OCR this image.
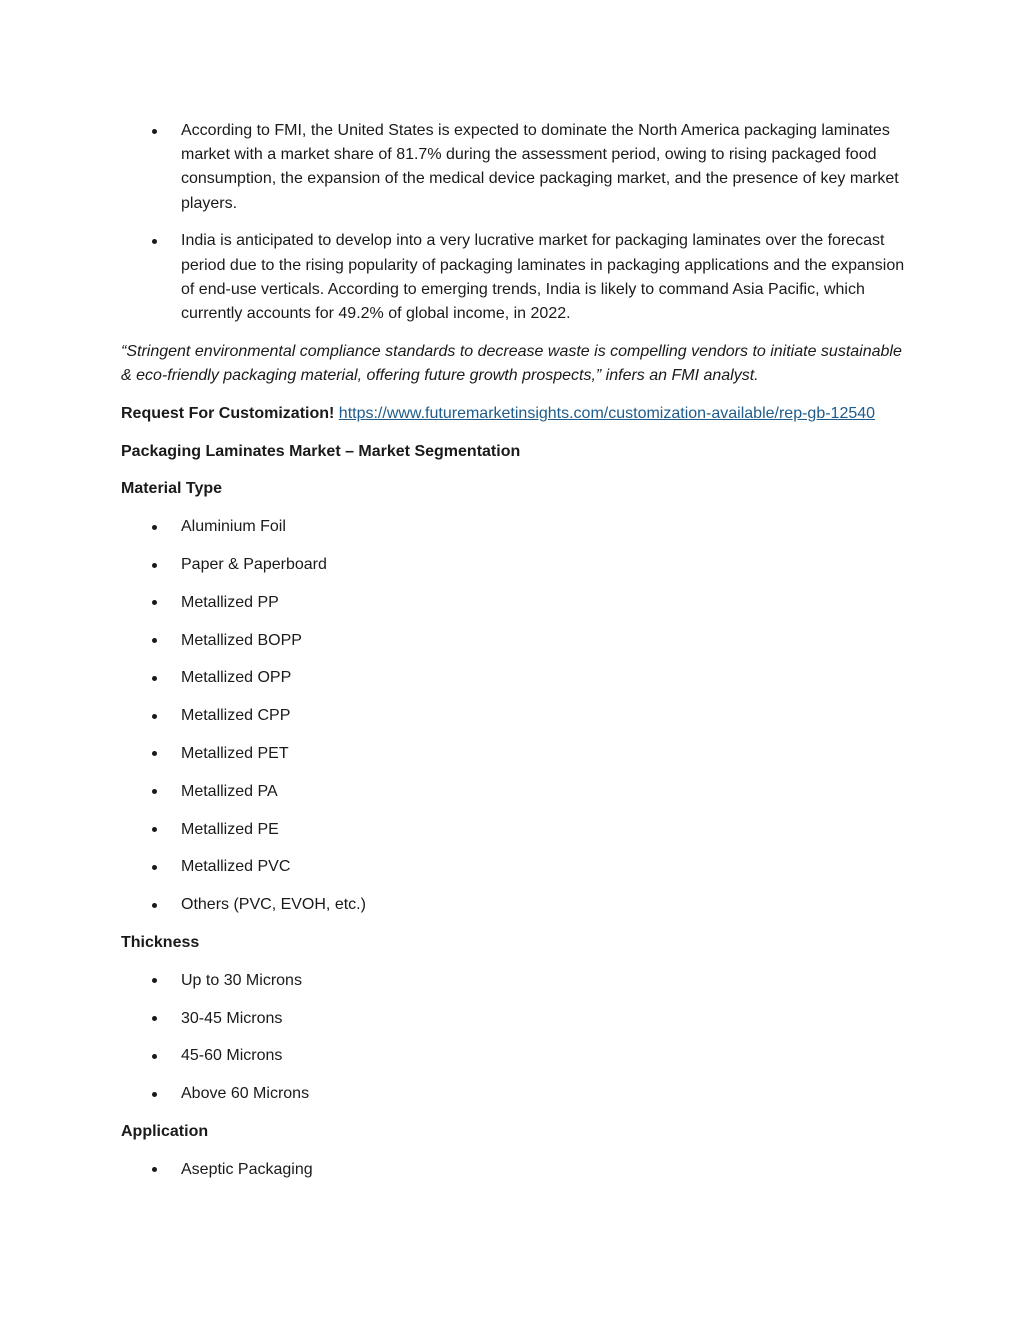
According to FMI, the United States is expected to dominate the North America packaging laminates market with a market share of 81.7% during the assessment period, owing to rising packaged food consumption, the expansion of the medical device packaging market, and the presence of key market players.
India is anticipated to develop into a very lucrative market for packaging laminates over the forecast period due to the rising popularity of packaging laminates in packaging applications and the expansion of end-use verticals. According to emerging trends, India is likely to command Asia Pacific, which currently accounts for 49.2% of global income, in 2022.

“Stringent environmental compliance standards to decrease waste is compelling vendors to initiate sustainable & eco-friendly packaging material, offering future growth prospects,” infers an FMI analyst.

Request For Customization! https://www.futuremarketinsights.com/customization-available/rep-gb-12540

Packaging Laminates Market – Market Segmentation

Material Type

Aluminium Foil
Paper & Paperboard
Metallized PP
Metallized BOPP
Metallized OPP
Metallized CPP
Metallized PET
Metallized PA
Metallized PE
Metallized PVC
Others (PVC, EVOH, etc.)

Thickness

Up to 30 Microns
30-45 Microns
45-60 Microns
Above 60 Microns

Application

Aseptic Packaging
